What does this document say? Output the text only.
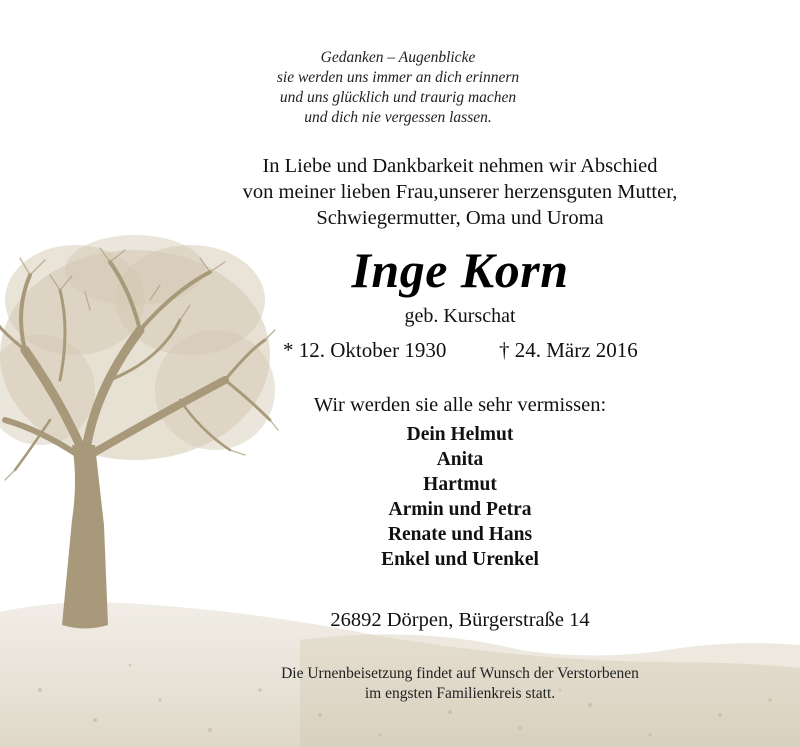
Gedanken – Augenblicke
sie werden uns immer an dich erinnern
und uns glücklich und traurig machen
und dich nie vergessen lassen.
In Liebe und Dankbarkeit nehmen wir Abschied
von meiner lieben Frau,unserer herzensguten Mutter,
Schwiegermutter, Oma und Uroma
Inge Korn
geb. Kurschat
* 12. Oktober 1930	† 24. März 2016
Wir werden sie alle sehr vermissen:
Dein Helmut
Anita
Hartmut
Armin und Petra
Renate und Hans
Enkel und Urenkel
26892 Dörpen, Bürgerstraße 14
Die Urnenbeisetzung findet auf Wunsch der Verstorbenen
im engsten Familienkreis statt.
